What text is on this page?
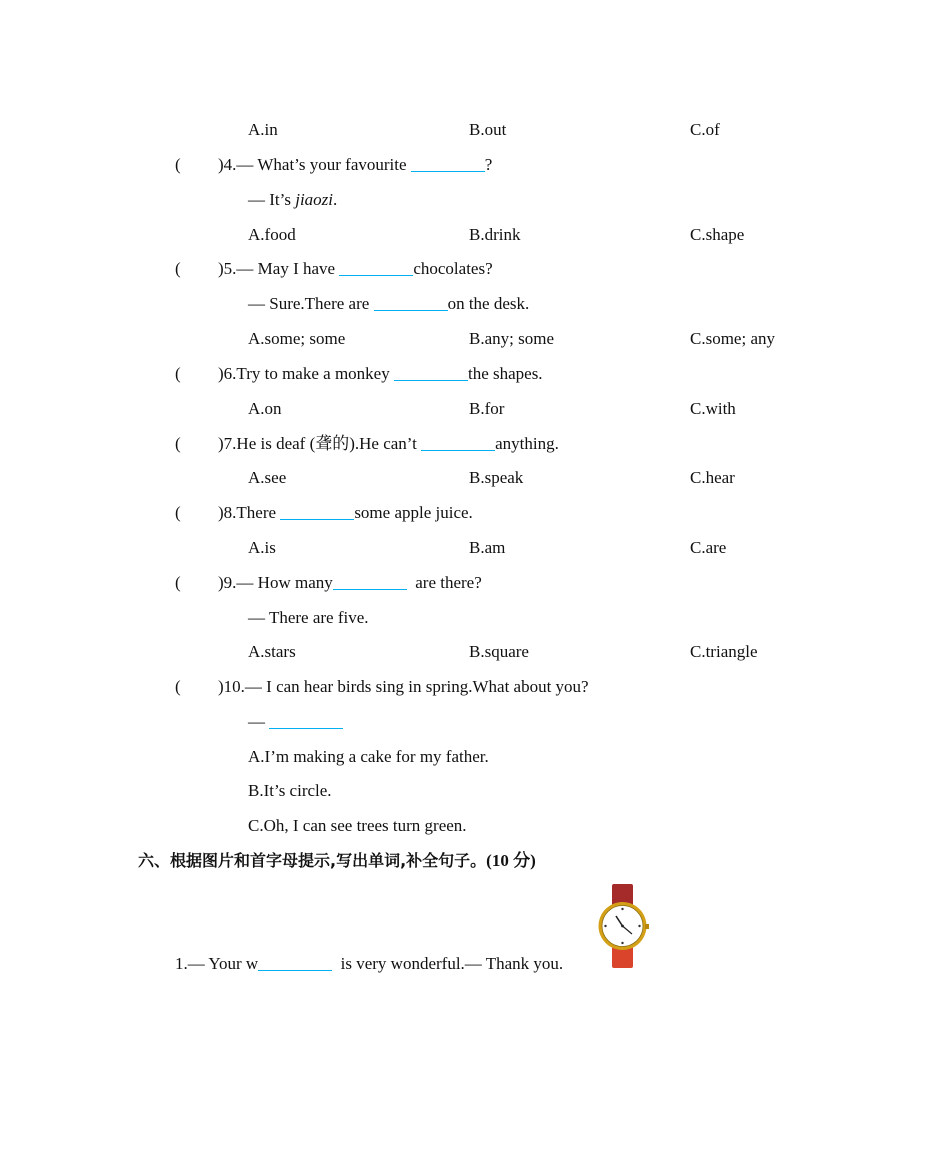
A.in	B.out	C.of
( )4.— What’s your favourite	?
— It’s jiaozi.
A.food	B.drink	C.shape
( )5.— May I have	chocolates?
— Sure.There are	on the desk.
A.some; some	B.any; some	C.some; any
( )6.Try to make a monkey	the shapes.
A.on	B.for	C.with
( )7.He is deaf (聋的).He can’t	anything.
A.see	B.speak	C.hear
( )8.There	some apple juice.
A.is	B.am	C.are
( )9.— How many	are there?
— There are five.
A.stars	B.square	C.triangle
( )10.— I can hear birds sing in spring.What about you?
—
A.I’m making a cake for my father.
B.It’s circle.
C.Oh, I can see trees turn green.
六、根据图片和首字母提示,写出单词,补全句子。(10 分)
1.— Your w	is very wonderful.— Thank you.
